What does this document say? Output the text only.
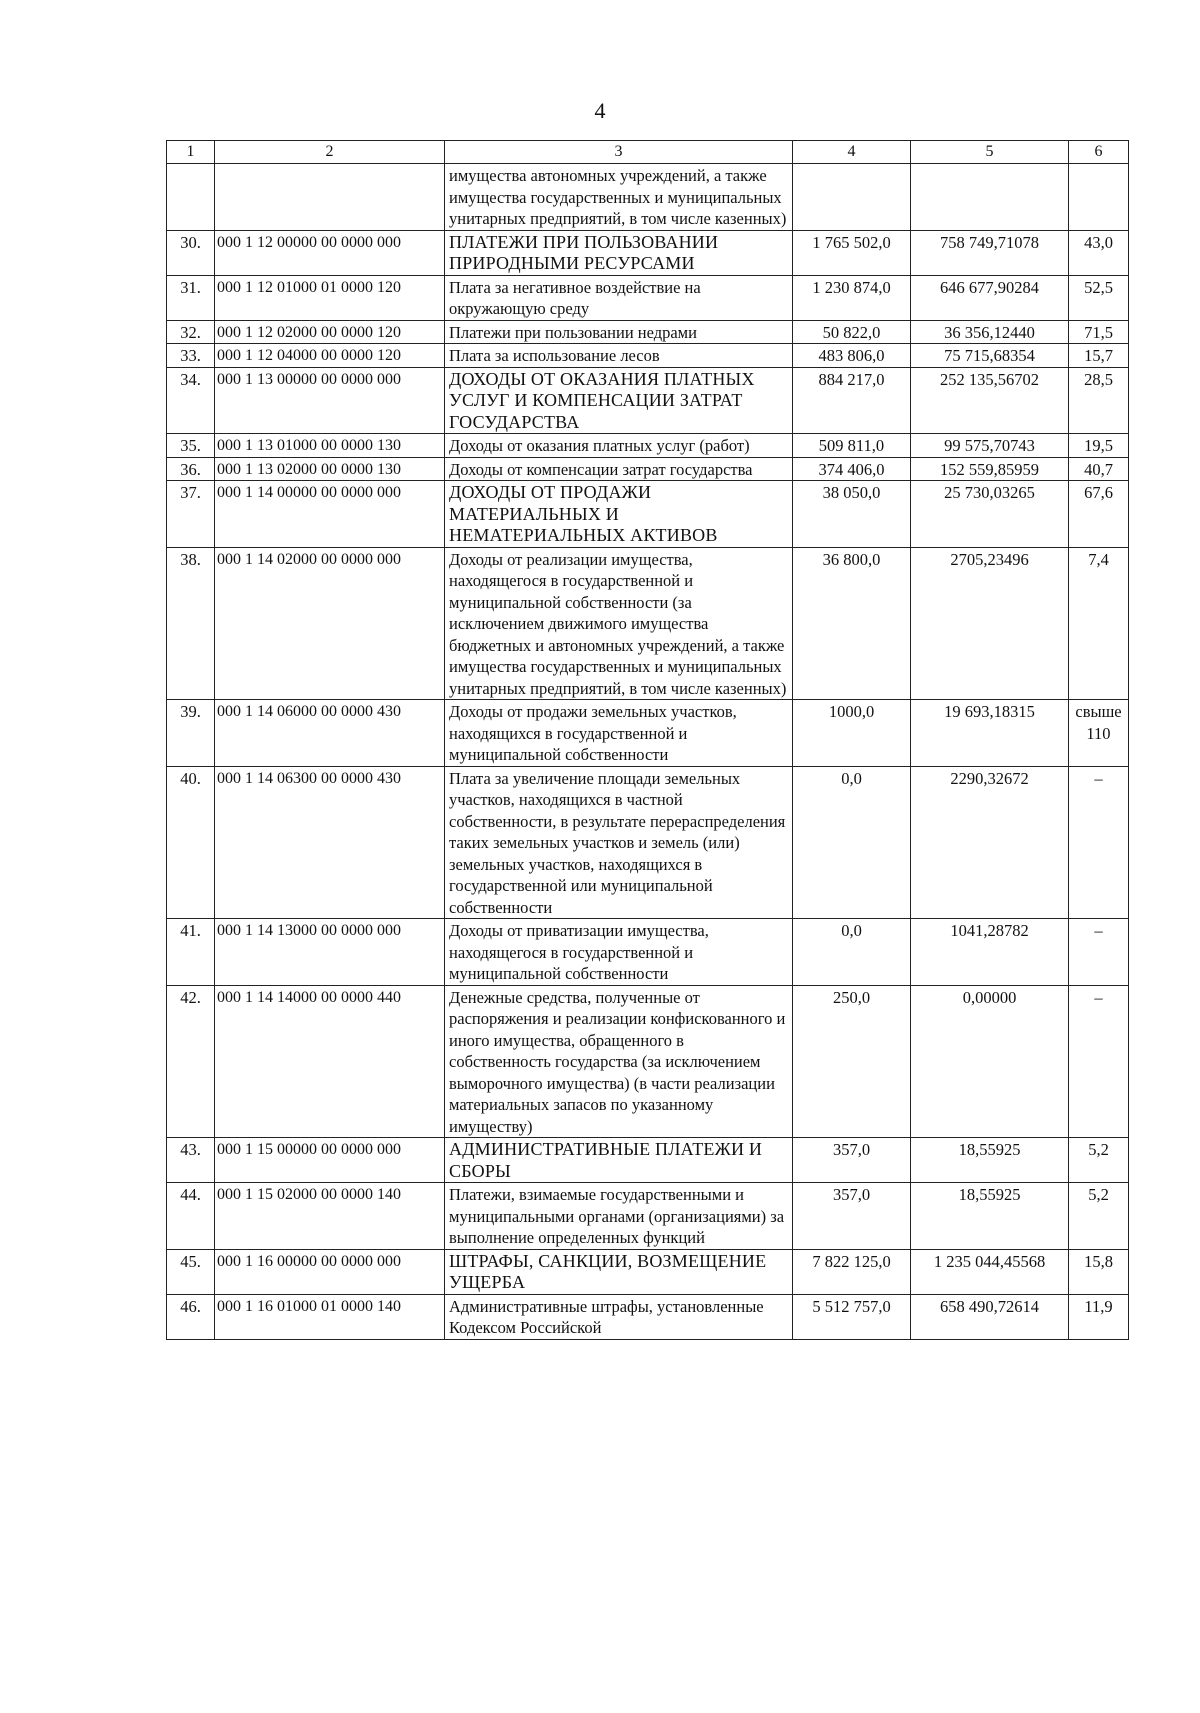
4
1	2	3	4	5	6
		имущества автономных учреждений, а также имущества государственных и муниципальных унитарных предприятий, в том числе казенных)			
30.	000 1 12 00000 00 0000 000	ПЛАТЕЖИ ПРИ ПОЛЬЗОВАНИИ ПРИРОДНЫМИ РЕСУРСАМИ	1 765 502,0	758 749,71078	43,0
31.	000 1 12 01000 01 0000 120	Плата за негативное воздействие на окружающую среду	1 230 874,0	646 677,90284	52,5
32.	000 1 12 02000 00 0000 120	Платежи при пользовании недрами	50 822,0	36 356,12440	71,5
33.	000 1 12 04000 00 0000 120	Плата за использование лесов	483 806,0	75 715,68354	15,7
34.	000 1 13 00000 00 0000 000	ДОХОДЫ ОТ ОКАЗАНИЯ ПЛАТНЫХ УСЛУГ И КОМПЕНСАЦИИ ЗАТРАТ ГОСУДАРСТВА	884 217,0	252 135,56702	28,5
35.	000 1 13 01000 00 0000 130	Доходы от оказания платных услуг (работ)	509 811,0	99 575,70743	19,5
36.	000 1 13 02000 00 0000 130	Доходы от компенсации затрат государства	374 406,0	152 559,85959	40,7
37.	000 1 14 00000 00 0000 000	ДОХОДЫ ОТ ПРОДАЖИ МАТЕРИАЛЬНЫХ И НЕМАТЕРИАЛЬНЫХ АКТИВОВ	38 050,0	25 730,03265	67,6
38.	000 1 14 02000 00 0000 000	Доходы от реализации имущества, находящегося в государственной и муниципальной собственности (за исключением движимого имущества бюджетных и автономных учреждений, а также имущества государственных и муниципальных унитарных предприятий, в том числе казенных)	36 800,0	2705,23496	7,4
39.	000 1 14 06000 00 0000 430	Доходы от продажи земельных участков, находящихся в государственной и муниципальной собственности	1000,0	19 693,18315	свыше 110
40.	000 1 14 06300 00 0000 430	Плата за увеличение площади земельных участков, находящихся в частной собственности, в результате перераспределения таких земельных участков и земель (или) земельных участков, находящихся в государственной или муниципальной собственности	0,0	2290,32672	–
41.	000 1 14 13000 00 0000 000	Доходы от приватизации имущества, находящегося в государственной и муниципальной собственности	0,0	1041,28782	–
42.	000 1 14 14000 00 0000 440	Денежные средства, полученные от распоряжения и реализации конфискованного и иного имущества, обращенного в собственность государства (за исключением выморочного имущества) (в части реализации материальных запасов по указанному имуществу)	250,0	0,00000	–
43.	000 1 15 00000 00 0000 000	АДМИНИСТРАТИВНЫЕ ПЛАТЕЖИ И СБОРЫ	357,0	18,55925	5,2
44.	000 1 15 02000 00 0000 140	Платежи, взимаемые государственными и муниципальными органами (организациями) за выполнение определенных функций	357,0	18,55925	5,2
45.	000 1 16 00000 00 0000 000	ШТРАФЫ, САНКЦИИ, ВОЗМЕЩЕНИЕ УЩЕРБА	7 822 125,0	1 235 044,45568	15,8
46.	000 1 16 01000 01 0000 140	Административные штрафы, установленные Кодексом Российской	5 512 757,0	658 490,72614	11,9
